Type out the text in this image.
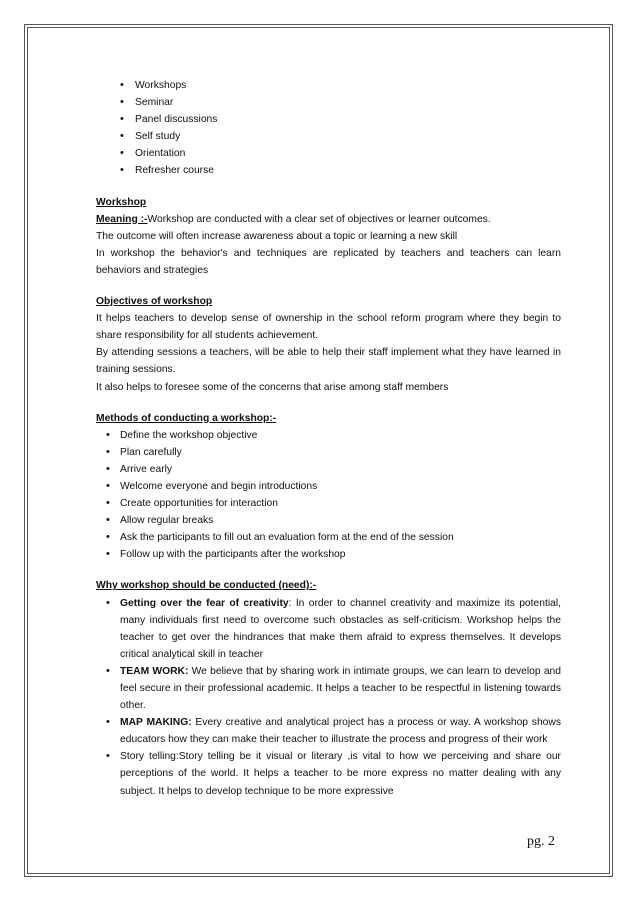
• Workshops
• Seminar
• Panel discussions
• Self study
• Orientation
• Refresher course

Workshop

Meaning :-Workshop are conducted with a clear set of objectives or learner outcomes.

The outcome will often increase awareness about a topic or learning a new skill

In workshop the behavior's and techniques are replicated by teachers and teachers can learn behaviors and strategies

Objectives of workshop

It helps teachers to develop sense of ownership in the school reform program where they begin to share responsibility for all students achievement.

By attending sessions a teachers, will be able to help their staff implement what they have learned in training sessions.

It also helps to foresee some of the concerns that arise among staff members

Methods of conducting a workshop:-

• Define the workshop objective
• Plan carefully
• Arrive early
• Welcome everyone and begin introductions
• Create opportunities for interaction
• Allow regular breaks
• Ask the participants to fill out an evaluation form at the end of the session
• Follow up with the participants after the workshop

Why workshop should be conducted (need):-

• Getting over the fear of creativity: In order to channel creativity and maximize its potential, many individuals first need to overcome such obstacles as self-criticism. Workshop helps the teacher to get over the hindrances that make them afraid to express themselves. It develops critical analytical skill in teacher
• TEAM WORK: We believe that by sharing work in intimate groups, we can learn to develop and feel secure in their professional academic. It helps a teacher to be respectful in listening towards other.
• MAP MAKING: Every creative and analytical project has a process or way. A workshop shows educators how they can make their teacher to illustrate the process and progress of their work
• Story telling:Story telling be it visual or literary ,is vital to how we perceiving and share our perceptions of the world. It helps a teacher to be more express no matter dealing with any subject. It helps to develop technique to be more expressive
pg. 2
